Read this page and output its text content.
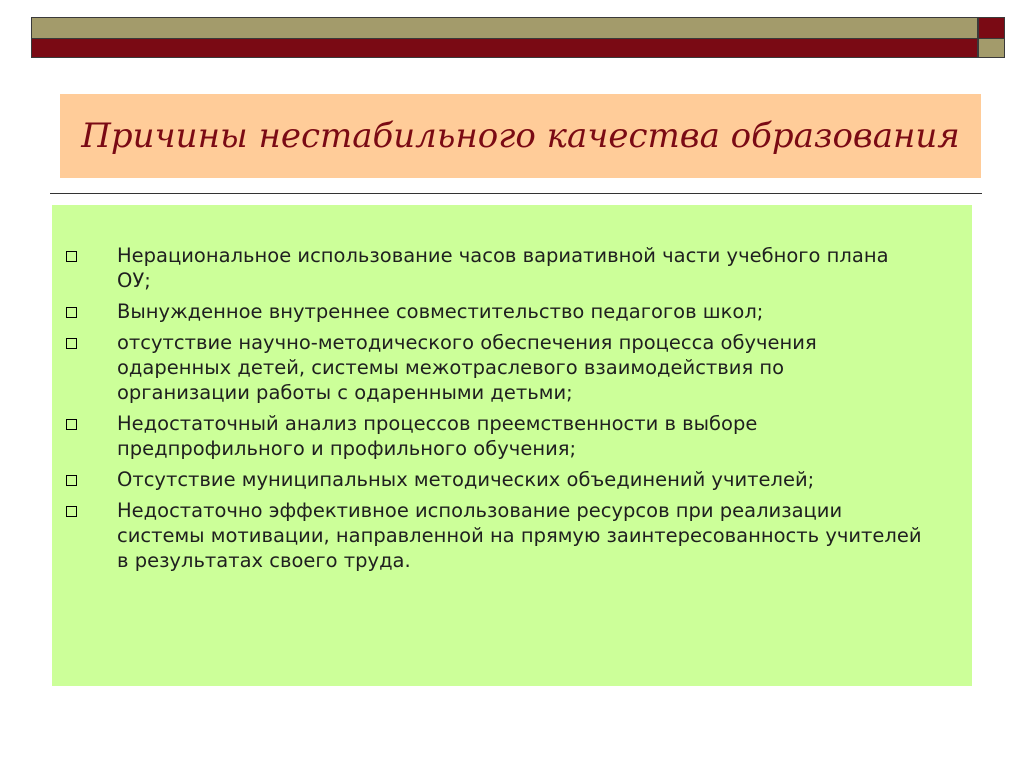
Причины нестабильного качества образования
Нерациональное использование часов вариативной части учебного плана ОУ;
Вынужденное внутреннее совместительство педагогов школ;
отсутствие научно-методического обеспечения процесса обучения одаренных детей, системы межотраслевого взаимодействия по организации работы с одаренными детьми;
Недостаточный анализ процессов преемственности в выборе предпрофильного и профильного обучения;
Отсутствие муниципальных методических объединений учителей;
Недостаточно эффективное использование ресурсов при реализации системы мотивации, направленной на прямую заинтересованность учителей в результатах своего труда.
